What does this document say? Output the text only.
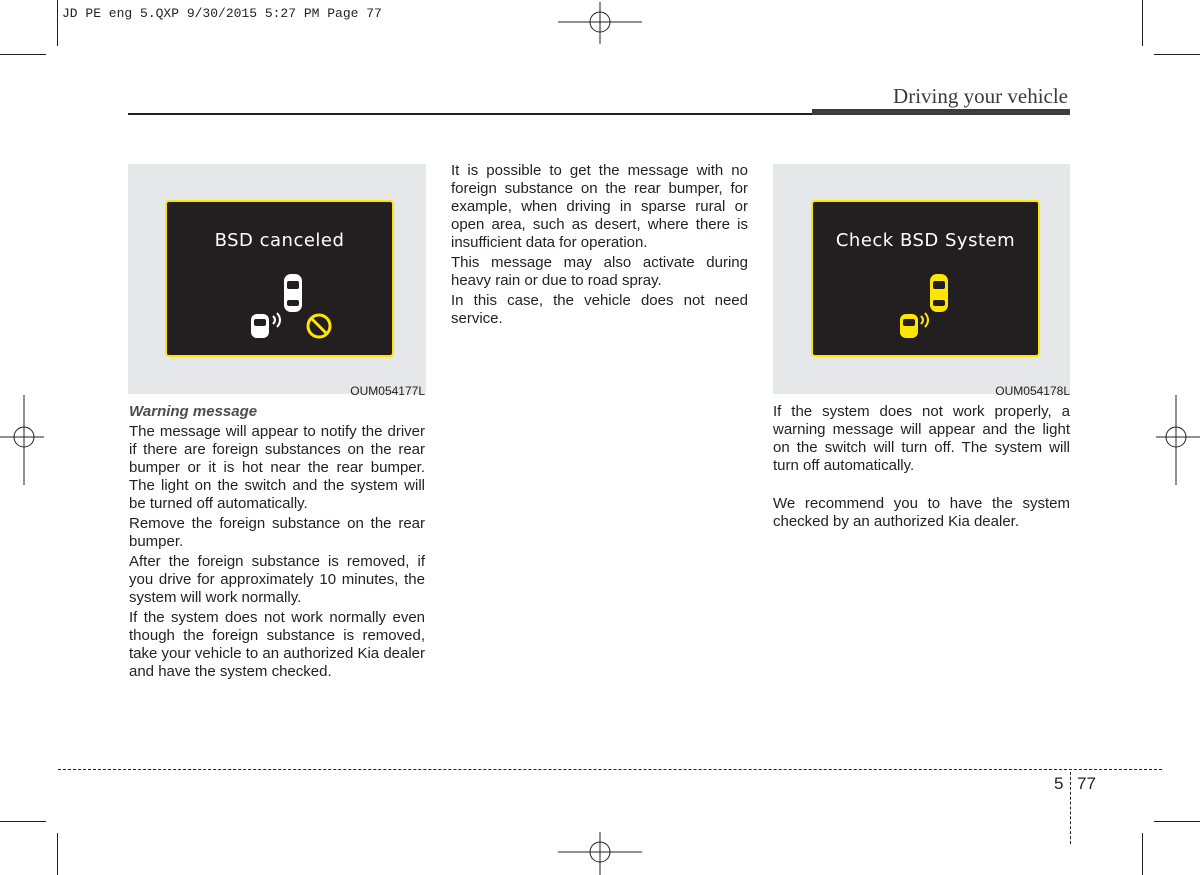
JD PE eng 5.QXP 9/30/2015 5:27 PM Page 77
Driving your vehicle
BSD canceled
OUM054177L
Check BSD System
OUM054178L

Warning message

The message will appear to notify the driver if there are foreign substances on the rear bumper or it is hot near the rear bumper. The light on the switch and the system will be turned off automatically.

Remove the foreign substance on the rear bumper.

After the foreign substance is removed, if you drive for approximately 10 minutes, the system will work normally.

If the system does not work normally even though the foreign substance is removed, take your vehicle to an authorized Kia dealer and have the system checked.

It is possible to get the message with no foreign substance on the rear bumper, for example, when driving in sparse rural or open area, such as desert, where there is insufficient data for operation.

This message may also activate during heavy rain or due to road spray.

In this case, the vehicle does not need service.

If the system does not work properly, a warning message will appear and the light on the switch will turn off. The system will turn off automatically.

We recommend you to have the system checked by an authorized Kia dealer.

5 77
